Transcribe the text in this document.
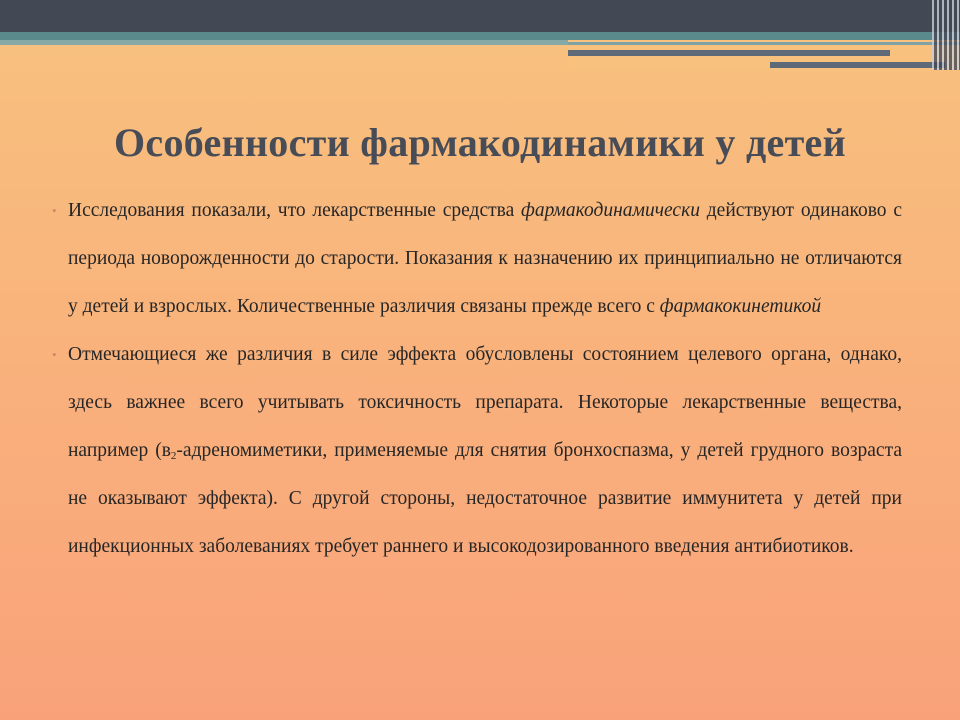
Особенности фармакодинамики у детей

• Исследования показали, что лекарственные средства фармакодинамически действуют одинаково с периода новорожденности до старости. Показания к назначению их принципиально не отличаются у детей и взрослых. Количественные различия связаны прежде всего с фармакокинетикой

• Отмечающиеся же различия в силе эффекта обусловлены состоянием целевого органа, однако, здесь важнее всего учитывать токсичность препарата. Некоторые лекарственные вещества, например ($в_2$-адреномиметики, применяемые для снятия бронхоспазма, у детей грудного возраста не оказывают эффекта). С другой стороны, недостаточное развитие иммунитета у детей при инфекционных заболеваниях требует раннего и высокодозированного введения антибиотиков.
